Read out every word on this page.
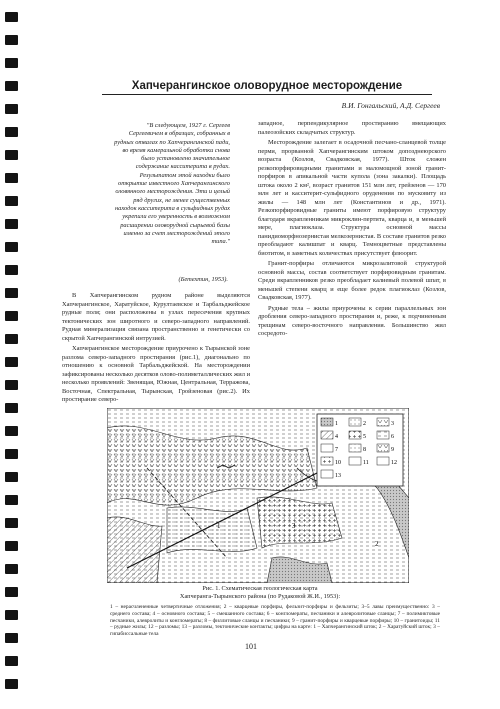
Хапчерангинское оловорудное месторождение
В.И. Гонгальский, А.Д. Сергеев
"В следующем, 1927 г. Сергеев Сергеевичем в образцах, собранных в рудных отвалах по Хапчерангинской пади, во время камеральной обработки снова было установлено значительное содержание касситерита в рудах. Результатом этой находки было открытие известного Хапчерангинского оловянного месторождения. Эти и целый ряд других, не менее существенных находок касситерита в сульфидных рудах укрепили его уверенность в возможном расширении оловорудной сырьевой базы именно за счет месторождений этого типа."
(Бетехтин, 1953).

В Хапчерангинском рудном районе выделяются Хапчерангинское, Харатуйское, Курултаевское и Тарбальджейское рудные поля; они расположены в узлах пересечения крупных тектонических зон широтного и северо-западного направлений. Рудная минерализация связана пространственно и генетически со скрытой Хапчерангинской интрузией.

Хапчерангинское месторождение приурочено к Тырынской зоне разлома северо-западного простирания (рис.1), диагонально по отношению к основной Тарбальджейской. На месторождении зафиксированы несколько десятков олово-полиметаллических жил и несколько проявлений: Звенящая, Южная, Центральная, Терражова, Восточная, Спектральная, Тырынская, Гройзеновая (рис.2). Их простирание северо-

западное, перпендикулярное простиранию вмещающих палеозойских складчатых структур.

Месторождение залегает в осадочной песчано-сланцевой толще перми, прорванной Хапчерангинским штоком допозднеюрского возраста (Козлов, Свадковская, 1977). Шток сложен резкопорфировидными гранитами и маломощной зоной гранит-порфиров в апикальной части купола (зона закалки). Площадь штока около 2 км², возраст гранитов 151 млн лет, грейзенов — 170 млн лет и касситерит-сульфидного оруденения по мусковиту из жилы — 148 млн лет (Константинов и др., 1971). Резкопорфировидные граниты имеют порфировую структуру благодаря вкрапленникам микроклин-пертита, кварца и, в меньшей мере, плагиоклаза. Структура основной массы панидиоморфнозернистая мелкозернистая. В составе гранитов резко преобладают калишпат и кварц. Темноцветные представлены биотитом, в заметных количествах присутствует флюорит.

Гранит-порфиры отличаются микрозалитовой структурой основной массы, состав соответствует порфировидным гранитам. Среди вкрапленников резко преобладает калиевый полевой шпат, в меньшей степени кварц и еще более редок плагиоклаз (Козлов, Свадковская, 1977).

Рудные тела – жилы приурочены к серии параллельных зон дробления северо-западного простирания и, реже, к подчиненным трещинам северо-восточного направления. Большинство жил сосредото-

1	2	3
4	5	6
7	8	9
10	11	12
13
1
2
3
Рис. 1. Схематическая геологическая карта
Хапчеранга-Тырынского района (по Рудаковой Ж.И., 1953):
1 – нерасчлененные четвертичные отложения; 2 – кварцевые порфиры, фельзит-порфиры и фельзиты; 3–5 лавы преимущественно: 3 – среднего состава; 4 – основного состава; 5 – смешанного состава; 6 – конгломераты, песчаники и алевролитовые сланцы; 7 – полимиктовые песчаники, алевролиты и конгломераты; 8 – филлитовые сланцы и песчаники; 9 – гранит-порфиры и кварцевые порфиры; 10 – гранитоиды; 11 – рудные жилы; 12 – разломы; 13 – разломы, тектонические контакты; цифры на карте: 1 – Хапчерангинский шток; 2 – Харатуйский шток; 3 – гипабиссальные тела
101
